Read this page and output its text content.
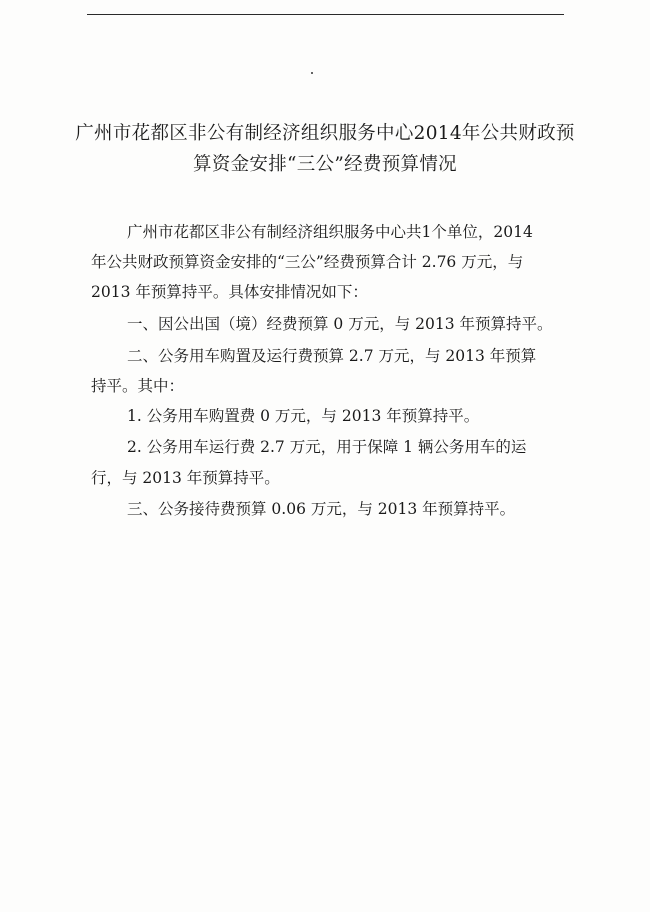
广州市花都区非公有制经济组织服务中心2014年公共财政预算资金安排“三公”经费预算情况

广州市花都区非公有制经济组织服务中心共1个单位，2014

年公共财政预算资金安排的“三公”经费预算合计 2.76 万元，与

2013 年预算持平。具体安排情况如下：

一、因公出国（境）经费预算 0 万元，与 2013 年预算持平。

二、公务用车购置及运行费预算 2.7 万元，与 2013 年预算

持平。其中：

1. 公务用车购置费 0 万元，与 2013 年预算持平。

2. 公务用车运行费 2.7 万元，用于保障 1 辆公务用车的运

行，与 2013 年预算持平。

三、公务接待费预算 0.06 万元，与 2013 年预算持平。
